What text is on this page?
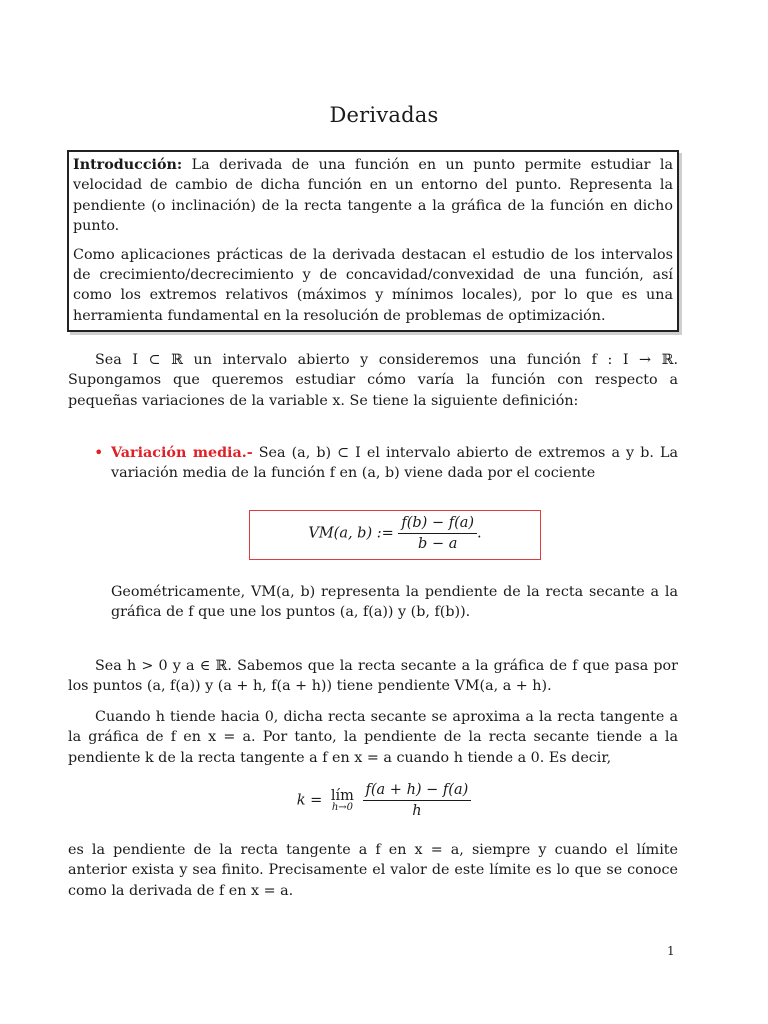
Derivadas

Introducción: La derivada de una función en un punto permite estudiar la velocidad de cambio de dicha función en un entorno del punto. Representa la pendiente (o inclinación) de la recta tangente a la gráfica de la función en dicho punto.

Como aplicaciones prácticas de la derivada destacan el estudio de los intervalos de crecimiento/decrecimiento y de concavidad/convexidad de una función, así como los extremos relativos (máximos y mínimos locales), por lo que es una herramienta fundamental en la resolución de problemas de optimización.

Sea I ⊂ ℝ un intervalo abierto y consideremos una función f : I → ℝ. Supongamos que queremos estudiar cómo varía la función con respecto a pequeñas variaciones de la variable x. Se tiene la siguiente definición:

• Variación media.- Sea (a, b) ⊂ I el intervalo abierto de extremos a y b. La variación media de la función f en (a, b) viene dada por el cociente
VM(a, b) := $\frac{f(b) - f(a)}{b - a}$ .

Geométricamente, VM(a, b) representa la pendiente de la recta secante a la gráfica de f que une los puntos (a, f(a)) y (b, f(b)).

Sea h > 0 y a ∈ ℝ. Sabemos que la recta secante a la gráfica de f que pasa por los puntos (a, f(a)) y (a + h, f(a + h)) tiene pendiente VM(a, a + h).

Cuando h tiende hacia 0, dicha recta secante se aproxima a la recta tangente a la gráfica de f en x = a. Por tanto, la pendiente de la recta secante tiende a la pendiente k de la recta tangente a f en x = a cuando h tiende a 0. Es decir,

k = lím
h→0
$\frac{f(a + h) - f(a)}{h}$

es la pendiente de la recta tangente a f en x = a, siempre y cuando el límite anterior exista y sea finito. Precisamente el valor de este límite es lo que se conoce como la derivada de f en x = a.

1
